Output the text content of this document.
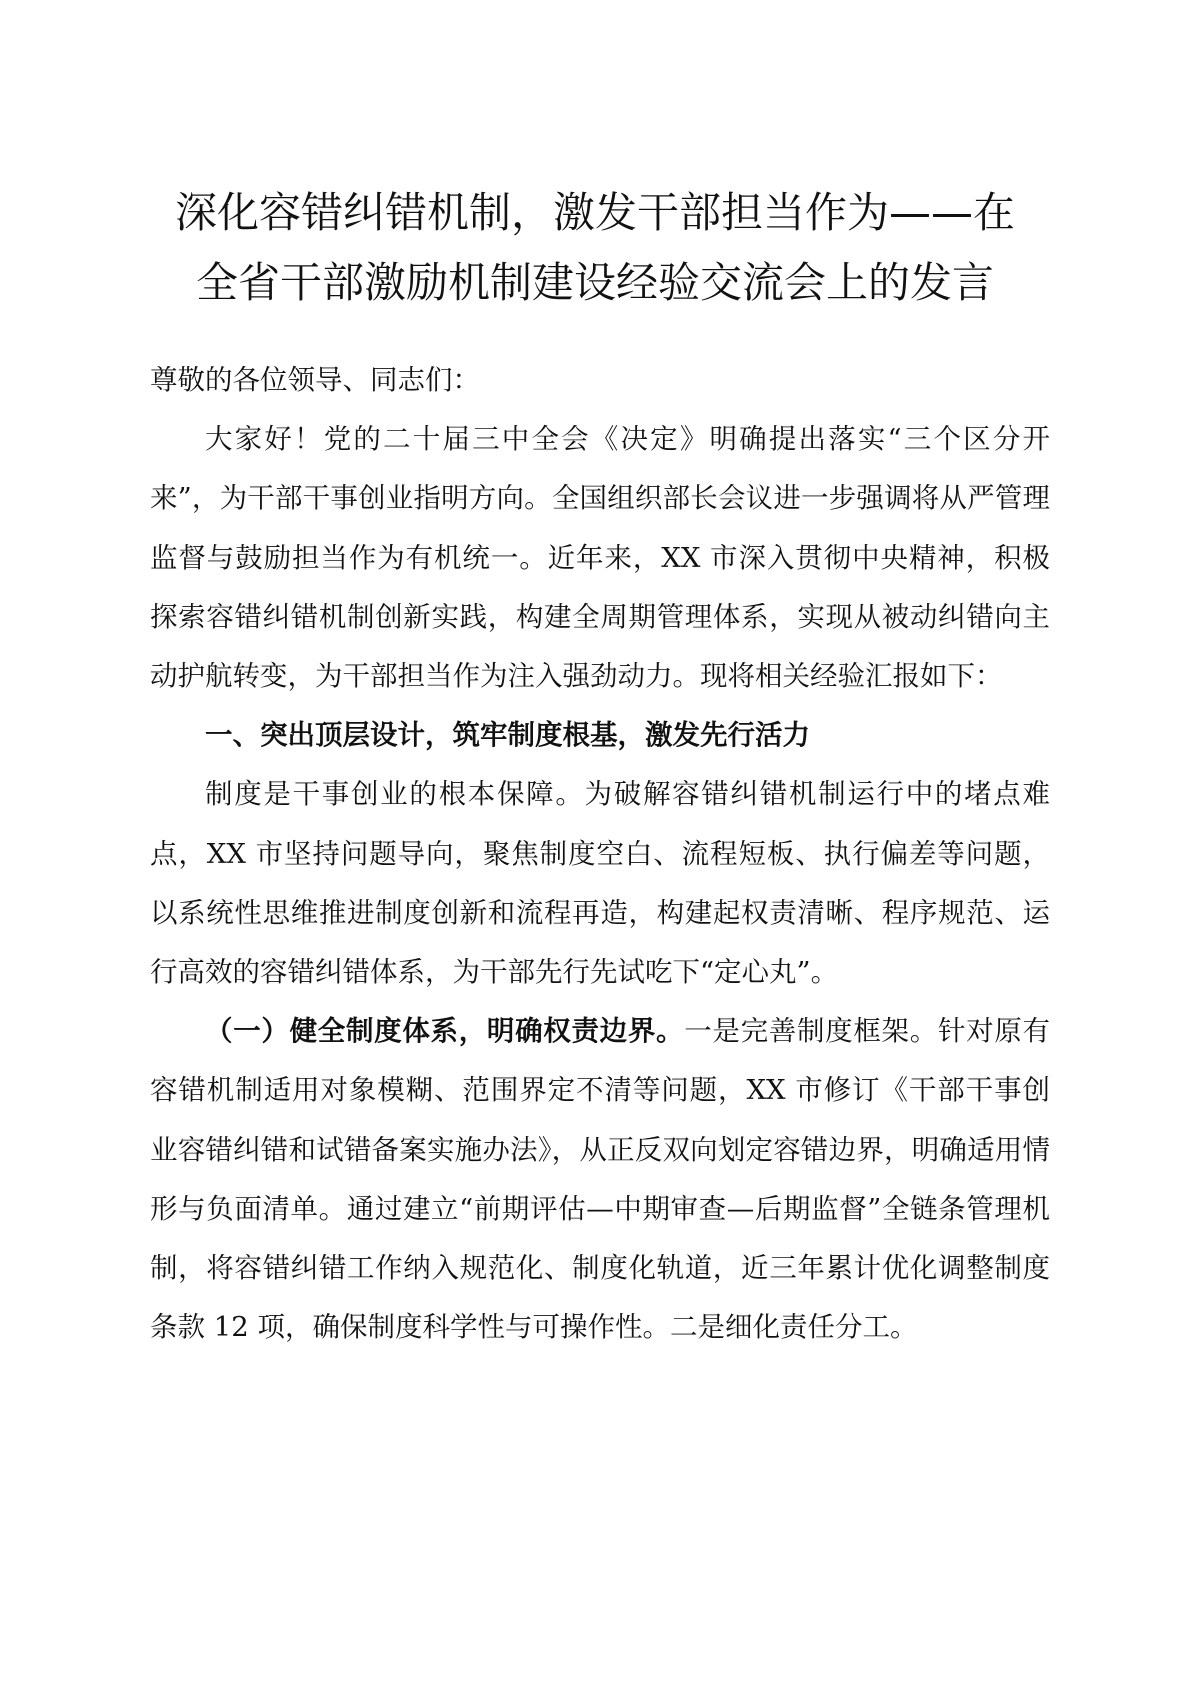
深化容错纠错机制，激发干部担当作为——在
全省干部激励机制建设经验交流会上的发言

尊敬的各位领导、同志们：

大家好！党的二十届三中全会《决定》明确提出落实“三个区分开来”，为干部干事创业指明方向。全国组织部长会议进一步强调将从严管理监督与鼓励担当作为有机统一。近年来，XX 市深入贯彻中央精神，积极探索容错纠错机制创新实践，构建全周期管理体系，实现从被动纠错向主动护航转变，为干部担当作为注入强劲动力。现将相关经验汇报如下：

一、突出顶层设计，筑牢制度根基，激发先行活力

制度是干事创业的根本保障。为破解容错纠错机制运行中的堵点难点，XX 市坚持问题导向，聚焦制度空白、流程短板、执行偏差等问题，以系统性思维推进制度创新和流程再造，构建起权责清晰、程序规范、运行高效的容错纠错体系，为干部先行先试吃下“定心丸”。

（一）健全制度体系，明确权责边界。一是完善制度框架。针对原有容错机制适用对象模糊、范围界定不清等问题，XX 市修订《干部干事创业容错纠错和试错备案实施办法》，从正反双向划定容错边界，明确适用情形与负面清单。通过建立“前期评估—中期审查—后期监督”全链条管理机制，将容错纠错工作纳入规范化、制度化轨道，近三年累计优化调整制度条款 12 项，确保制度科学性与可操作性。二是细化责任分工。
